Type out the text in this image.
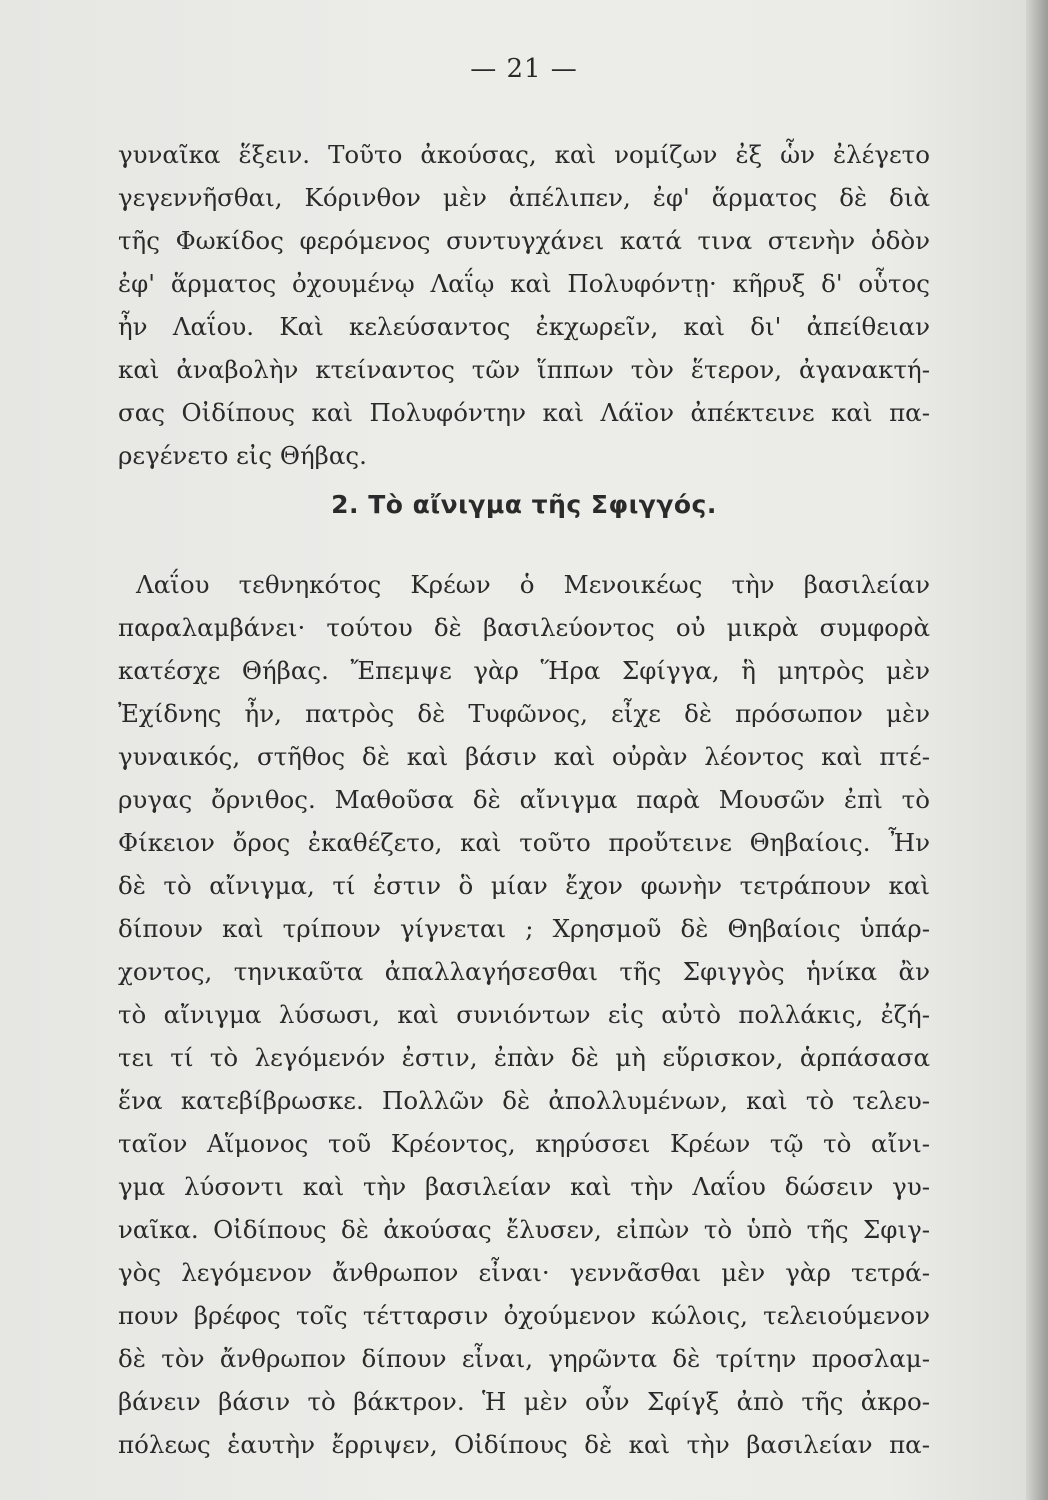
— 21 —
γυναῖκα ἕξειν. Τοῦτο ἀκούσας, καὶ νομίζων ἐξ ὧν ἐλέγετο
γεγεννῆσθαι, Κόρινθον μὲν ἀπέλιπεν, ἐφ' ἅρματος δὲ διὰ
τῆς Φωκίδος φερόμενος συντυγχάνει κατά τινα στενὴν ὁδὸν
ἐφ' ἅρματος ὀχουμένῳ Λαΐῳ καὶ Πολυφόντῃ· κῆρυξ δ' οὗτος
ἦν Λαΐου. Καὶ κελεύσαντος ἐκχωρεῖν, καὶ δι' ἀπείθειαν
καὶ ἀναβολὴν κτείναντος τῶν ἵππων τὸν ἕτερον, ἀγανακτή-
σας Οἰδίπους καὶ Πολυφόντην καὶ Λάϊον ἀπέκτεινε καὶ πα-
ρεγένετο εἰς Θήβας.
2. Τὸ αἴνιγμα τῆς Σφιγγός.
Λαΐου τεθνηκότος Κρέων ὁ Μενοικέως τὴν βασιλείαν
παραλαμβάνει· τούτου δὲ βασιλεύοντος οὐ μικρὰ συμφορὰ
κατέσχε Θήβας. Ἔπεμψε γὰρ Ἥρα Σφίγγα, ἣ μητρὸς μὲν
Ἐχίδνης ἦν, πατρὸς δὲ Τυφῶνος, εἶχε δὲ πρόσωπον μὲν
γυναικός, στῆθος δὲ καὶ βάσιν καὶ οὐρὰν λέοντος καὶ πτέ-
ρυγας ὄρνιθος. Μαθοῦσα δὲ αἴνιγμα παρὰ Μουσῶν ἐπὶ τὸ
Φίκειον ὄρος ἐκαθέζετο, καὶ τοῦτο προὔτεινε Θηβαίοις. Ἦν
δὲ τὸ αἴνιγμα, τί ἐστιν ὃ μίαν ἔχον φωνὴν τετράπουν καὶ
δίπουν καὶ τρίπουν γίγνεται ; Χρησμοῦ δὲ Θηβαίοις ὑπάρ-
χοντος, τηνικαῦτα ἀπαλλαγήσεσθαι τῆς Σφιγγὸς ἡνίκα ἂν
τὸ αἴνιγμα λύσωσι, καὶ συνιόντων εἰς αὐτὸ πολλάκις, ἐζή-
τει τί τὸ λεγόμενόν ἐστιν, ἐπὰν δὲ μὴ εὕρισκον, ἁρπάσασα
ἕνα κατεβίβρωσκε. Πολλῶν δὲ ἀπολλυμένων, καὶ τὸ τελευ-
ταῖον Αἵμονος τοῦ Κρέοντος, κηρύσσει Κρέων τῷ τὸ αἴνι-
γμα λύσοντι καὶ τὴν βασιλείαν καὶ τὴν Λαΐου δώσειν γυ-
ναῖκα. Οἰδίπους δὲ ἀκούσας ἔλυσεν, εἰπὼν τὸ ὑπὸ τῆς Σφιγ-
γὸς λεγόμενον ἄνθρωπον εἶναι· γεννᾶσθαι μὲν γὰρ τετρά-
πουν βρέφος τοῖς τέτταρσιν ὀχούμενον κώλοις, τελειούμενον
δὲ τὸν ἄνθρωπον δίπουν εἶναι, γηρῶντα δὲ τρίτην προσλαμ-
βάνειν βάσιν τὸ βάκτρον. Ἡ μὲν οὖν Σφίγξ ἀπὸ τῆς ἀκρο-
πόλεως ἑαυτὴν ἔρριψεν, Οἰδίπους δὲ καὶ τὴν βασιλείαν πα-
